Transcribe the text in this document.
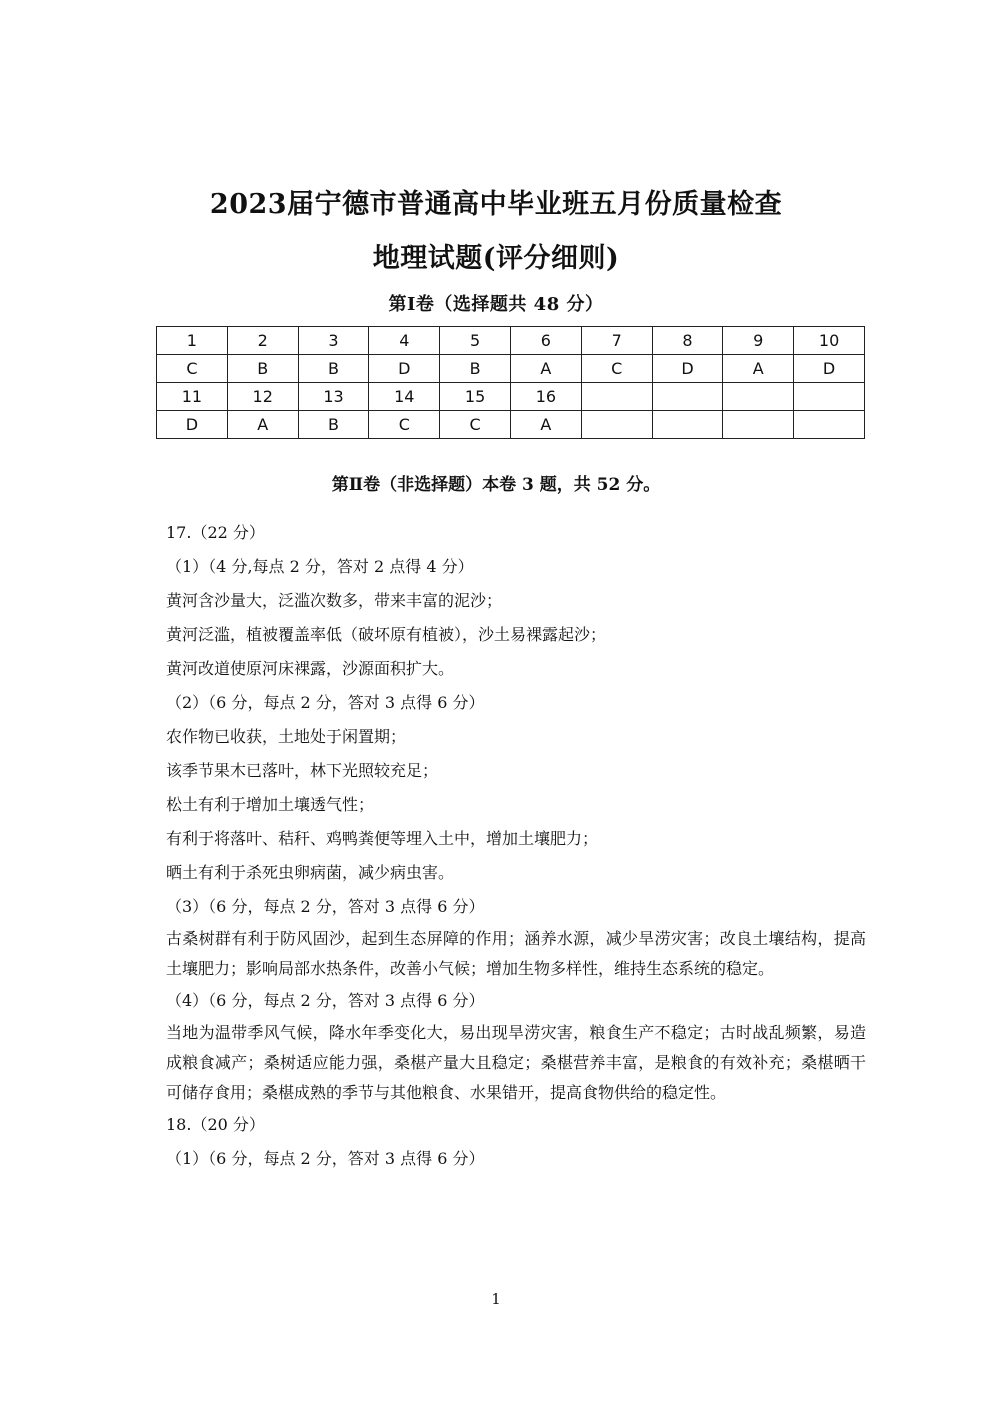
2023届宁德市普通高中毕业班五月份质量检查
地理试题(评分细则)
第Ⅰ卷（选择题共 48 分）
1	2	3	4	5	6	7	8	9	10
C	B	B	D	B	A	C	D	A	D
11	12	13	14	15	16				
D	A	B	C	C	A				
第Ⅱ卷（非选择题）本卷 3 题，共 52 分。

17.（22 分）

（1）（4 分,每点 2 分，答对 2 点得 4 分）

黄河含沙量大，泛滥次数多，带来丰富的泥沙；

黄河泛滥，植被覆盖率低（破坏原有植被），沙土易裸露起沙；

黄河改道使原河床裸露，沙源面积扩大。

（2）（6 分，每点 2 分，答对 3 点得 6 分）

农作物已收获，土地处于闲置期；

该季节果木已落叶，林下光照较充足；

松土有利于增加土壤透气性；

有利于将落叶、秸秆、鸡鸭粪便等埋入土中，增加土壤肥力；

晒土有利于杀死虫卵病菌，减少病虫害。

（3）（6 分，每点 2 分，答对 3 点得 6 分）

古桑树群有利于防风固沙，起到生态屏障的作用；涵养水源，减少旱涝灾害；改良土壤结构，提高土壤肥力；影响局部水热条件，改善小气候；增加生物多样性，维持生态系统的稳定。

（4）（6 分，每点 2 分，答对 3 点得 6 分）

当地为温带季风气候，降水年季变化大，易出现旱涝灾害，粮食生产不稳定；古时战乱频繁，易造成粮食减产；桑树适应能力强，桑椹产量大且稳定；桑椹营养丰富，是粮食的有效补充；桑椹晒干可储存食用；桑椹成熟的季节与其他粮食、水果错开，提高食物供给的稳定性。

18.（20 分）

（1）（6 分，每点 2 分，答对 3 点得 6 分）

1
